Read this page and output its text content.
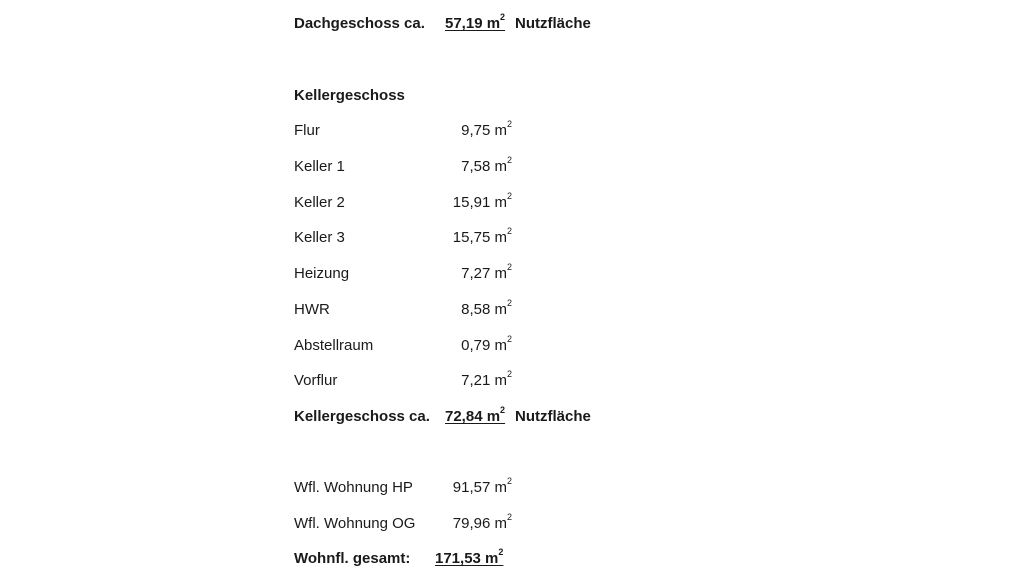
Dachgeschoss ca. 57,19 $m^2$ Nutzfläche
Kellergeschoss
Flur	9,75 $m^2$
Keller 1	7,58 $m^2$
Keller 2	15,91 $m^2$
Keller 3	15,75 $m^2$
Heizung	7,27 $m^2$
HWR	8,58 $m^2$
Abstellraum	0,79 $m^2$
Vorflur	7,21 $m^2$
Kellergeschoss ca. 72,84 $m^2$ Nutzfläche
Wfl. Wohnung HP	91,57 $m^2$
Wfl. Wohnung OG 79,96 $m^2$
Wohnfl. gesamt: 171,53 $m^2$
